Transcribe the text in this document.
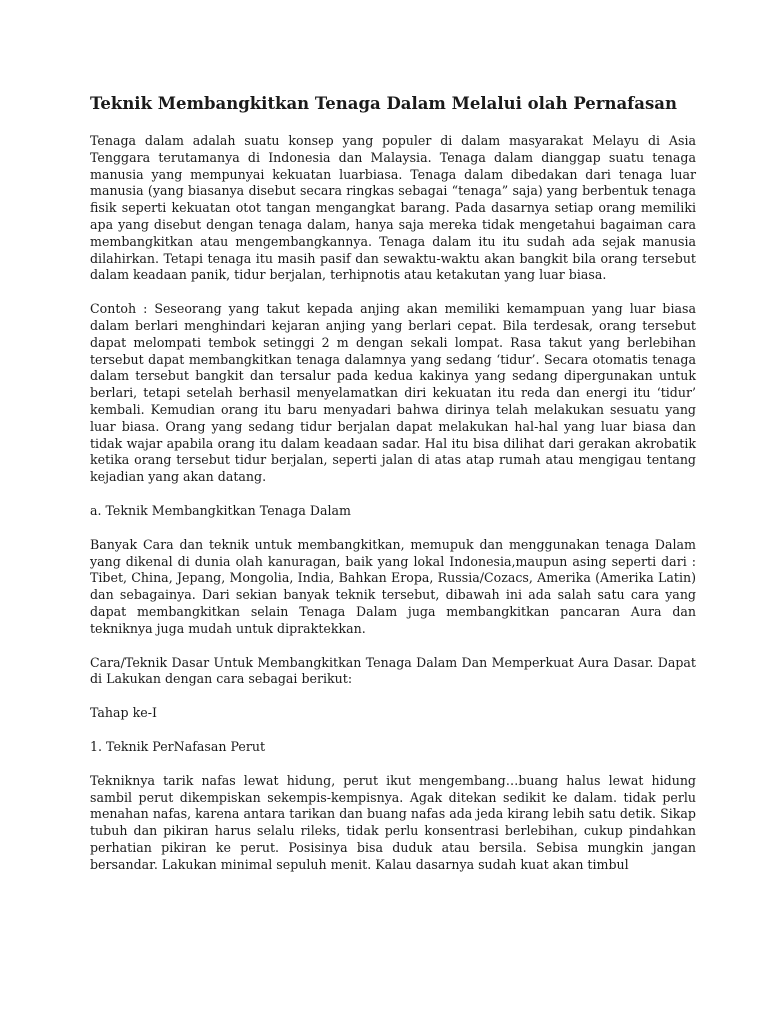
Teknik Membangkitkan Tenaga Dalam Melalui olah Pernafasan

Tenaga dalam adalah suatu konsep yang populer di dalam masyarakat Melayu di Asia Tenggara terutamanya di Indonesia dan Malaysia. Tenaga dalam dianggap suatu tenaga manusia yang mempunyai kekuatan luarbiasa. Tenaga dalam dibedakan dari tenaga luar manusia (yang biasanya disebut secara ringkas sebagai “tenaga” saja) yang berbentuk tenaga fisik seperti kekuatan otot tangan mengangkat barang. Pada dasarnya setiap orang memiliki apa yang disebut dengan tenaga dalam, hanya saja mereka tidak mengetahui bagaiman cara membangkitkan atau mengembangkannya. Tenaga dalam itu itu sudah ada sejak manusia dilahirkan. Tetapi tenaga itu masih pasif dan sewaktu-waktu akan bangkit bila orang tersebut dalam keadaan panik, tidur berjalan, terhipnotis atau ketakutan yang luar biasa.

Contoh : Seseorang yang takut kepada anjing akan memiliki kemampuan yang luar biasa dalam berlari menghindari kejaran anjing yang berlari cepat. Bila terdesak, orang tersebut dapat melompati tembok setinggi 2 m dengan sekali lompat. Rasa takut yang berlebihan tersebut dapat membangkitkan tenaga dalamnya yang sedang ‘tidur’. Secara otomatis tenaga dalam tersebut bangkit dan tersalur pada kedua kakinya yang sedang dipergunakan untuk berlari, tetapi setelah berhasil menyelamatkan diri kekuatan itu reda dan energi itu ‘tidur’ kembali. Kemudian orang itu baru menyadari bahwa dirinya telah melakukan sesuatu yang luar biasa. Orang yang sedang tidur berjalan dapat melakukan hal-hal yang luar biasa dan tidak wajar apabila orang itu dalam keadaan sadar. Hal itu bisa dilihat dari gerakan akrobatik ketika orang tersebut tidur berjalan, seperti jalan di atas atap rumah atau mengigau tentang kejadian yang akan datang.

a. Teknik Membangkitkan Tenaga Dalam

Banyak Cara dan teknik untuk membangkitkan, memupuk dan menggunakan tenaga Dalam yang dikenal di dunia olah kanuragan, baik yang lokal Indonesia,maupun asing seperti dari : Tibet, China, Jepang, Mongolia, India, Bahkan Eropa, Russia/Cozacs, Amerika (Amerika Latin) dan sebagainya. Dari sekian banyak teknik tersebut, dibawah ini ada salah satu cara yang dapat membangkitkan selain Tenaga Dalam juga membangkitkan pancaran Aura dan tekniknya juga mudah untuk dipraktekkan.

Cara/Teknik Dasar Untuk Membangkitkan Tenaga Dalam Dan Memperkuat Aura Dasar. Dapat di Lakukan dengan cara sebagai berikut:

Tahap ke-I

1. Teknik PerNafasan Perut

Tekniknya tarik nafas lewat hidung, perut ikut mengembang…buang halus lewat hidung sambil perut dikempiskan sekempis-kempisnya. Agak ditekan sedikit ke dalam. tidak perlu menahan nafas, karena antara tarikan dan buang nafas ada jeda kirang lebih satu detik. Sikap tubuh dan pikiran harus selalu rileks, tidak perlu konsentrasi berlebihan, cukup pindahkan perhatian pikiran ke perut. Posisinya bisa duduk atau bersila. Sebisa mungkin jangan bersandar. Lakukan minimal sepuluh menit. Kalau dasarnya sudah kuat akan timbul
